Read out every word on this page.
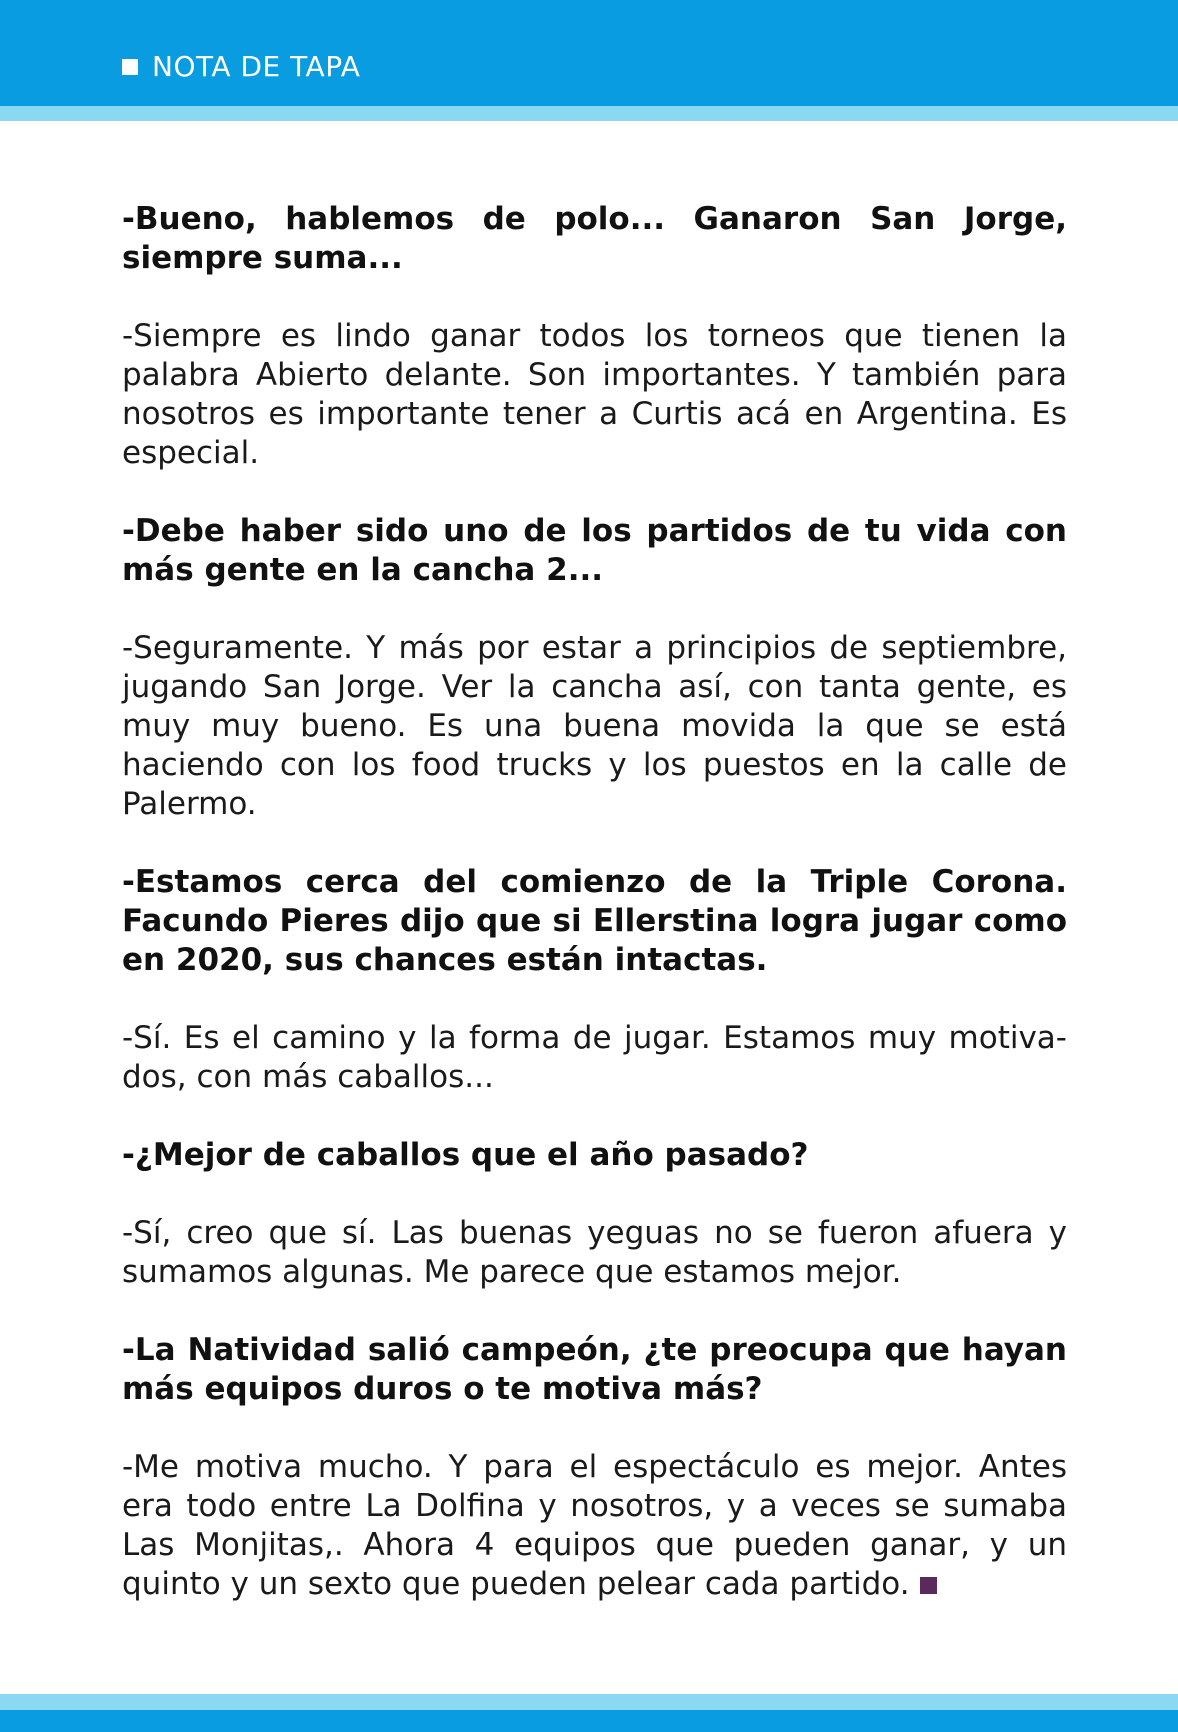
NOTA DE TAPA

-Bueno, hablemos de polo... Ganaron San Jorge, siempre suma...

-Siempre es lindo ganar todos los torneos que tienen la palabra Abierto delante. Son importantes. Y también para nosotros es importante tener a Curtis acá en Argentina. Es especial.

-Debe haber sido uno de los partidos de tu vida con más gente en la cancha 2...

-Seguramente. Y más por estar a principios de septiembre, jugando San Jorge. Ver la cancha así, con tanta gente, es muy muy bueno. Es una buena movida la que se está haciendo con los food trucks y los puestos en la calle de Palermo.

-Estamos cerca del comienzo de la Triple Corona. Facundo Pieres dijo que si Ellerstina logra jugar como en 2020, sus chances están intactas.

-Sí. Es el camino y la forma de jugar. Estamos muy motiva-dos, con más caballos...

-¿Mejor de caballos que el año pasado?

-Sí, creo que sí. Las buenas yeguas no se fueron afuera y sumamos algunas. Me parece que estamos mejor.

-La Natividad salió campeón, ¿te preocupa que hayan más equipos duros o te motiva más?

-Me motiva mucho. Y para el espectáculo es mejor. Antes era todo entre La Dolfina y nosotros, y a veces se sumaba Las Monjitas,. Ahora 4 equipos que pueden ganar, y un quinto y un sexto que pueden pelear cada partido.
